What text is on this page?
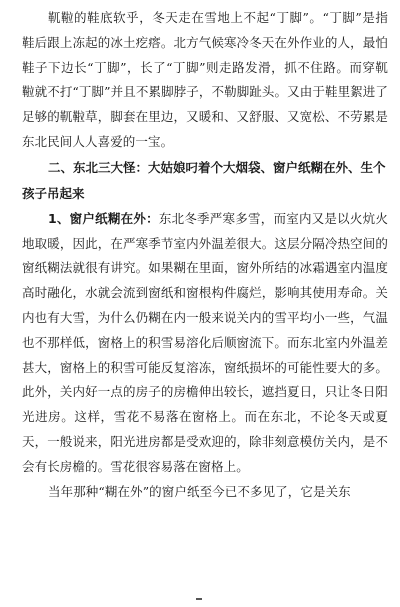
靰鞡的鞋底软乎，冬天走在雪地上不起“丁脚”。“丁脚”是指鞋后跟上冻起的冰土疙瘩。北方气候寒冷冬天在外作业的人，最怕鞋子下边长“丁脚”，长了“丁脚”则走路发滑，抓不住路。而穿靰鞡就不打“丁脚”并且不累脚脖子，不勒脚趾头。又由于鞋里絮进了足够的靰鞡草，脚套在里边，又暖和、又舒服、又宽松、不劳累是东北民间人人喜爱的一宝。

二、东北三大怪：大姑娘叼着个大烟袋、窗户纸糊在外、生个孩子吊起来

1、窗户纸糊在外：东北冬季严寒多雪，而室内又是以火炕火地取暖，因此，在严寒季节室内外温差很大。这层分隔冷热空间的窗纸糊法就很有讲究。如果糊在里面，窗外所结的冰霜遇室内温度高时融化，水就会流到窗纸和窗根构件腐烂，影响其使用寿命。关内也有大雪，为什么仍糊在内一般来说关内的雪平均小一些，气温也不那样低，窗格上的积雪易溶化后顺窗流下。而东北室内外温差甚大，窗格上的积雪可能反复溶冻，窗纸损坏的可能性要大的多。此外，关内好一点的房子的房檐伸出较长，遮挡夏日，只让冬日阳光进房。这样，雪花不易落在窗格上。而在东北，不论冬天或夏天，一般说来，阳光进房都是受欢迎的，除非刻意模仿关内，是不会有长房檐的。雪花很容易落在窗格上。

当年那种“糊在外”的窗户纸至今已不多见了，它是关东
